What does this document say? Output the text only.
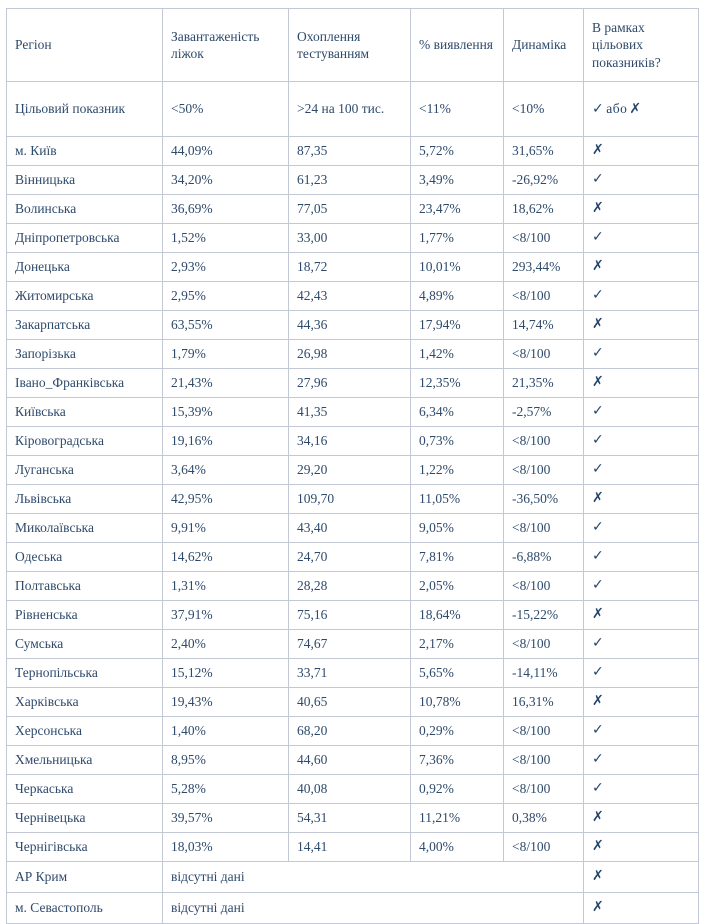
Регіон	Завантаженість ліжок	Охоплення тестуванням	% виявлення	Динаміка	В рамках цільових показників?
Цільовий показник	<50%	>24 на 100 тис.	<11%	<10%	✓ або ✗
м. Київ	44,09%	87,35	5,72%	31,65%	✗
Вінницька	34,20%	61,23	3,49%	-26,92%	✓
Волинська	36,69%	77,05	23,47%	18,62%	✗
Дніпропетровська	1,52%	33,00	1,77%	<8/100	✓
Донецька	2,93%	18,72	10,01%	293,44%	✗
Житомирська	2,95%	42,43	4,89%	<8/100	✓
Закарпатська	63,55%	44,36	17,94%	14,74%	✗
Запорізька	1,79%	26,98	1,42%	<8/100	✓
Івано_Франківська	21,43%	27,96	12,35%	21,35%	✗
Київська	15,39%	41,35	6,34%	-2,57%	✓
Кіровоградська	19,16%	34,16	0,73%	<8/100	✓
Луганська	3,64%	29,20	1,22%	<8/100	✓
Львівська	42,95%	109,70	11,05%	-36,50%	✗
Миколаївська	9,91%	43,40	9,05%	<8/100	✓
Одеська	14,62%	24,70	7,81%	-6,88%	✓
Полтавська	1,31%	28,28	2,05%	<8/100	✓
Рівненська	37,91%	75,16	18,64%	-15,22%	✗
Сумська	2,40%	74,67	2,17%	<8/100	✓
Тернопільська	15,12%	33,71	5,65%	-14,11%	✓
Харківська	19,43%	40,65	10,78%	16,31%	✗
Херсонська	1,40%	68,20	0,29%	<8/100	✓
Хмельницька	8,95%	44,60	7,36%	<8/100	✓
Черкаська	5,28%	40,08	0,92%	<8/100	✓
Чернівецька	39,57%	54,31	11,21%	0,38%	✗
Чернігівська	18,03%	14,41	4,00%	<8/100	✗
АР Крим	відсутні дані				✗
м. Севастополь	відсутні дані				✗
